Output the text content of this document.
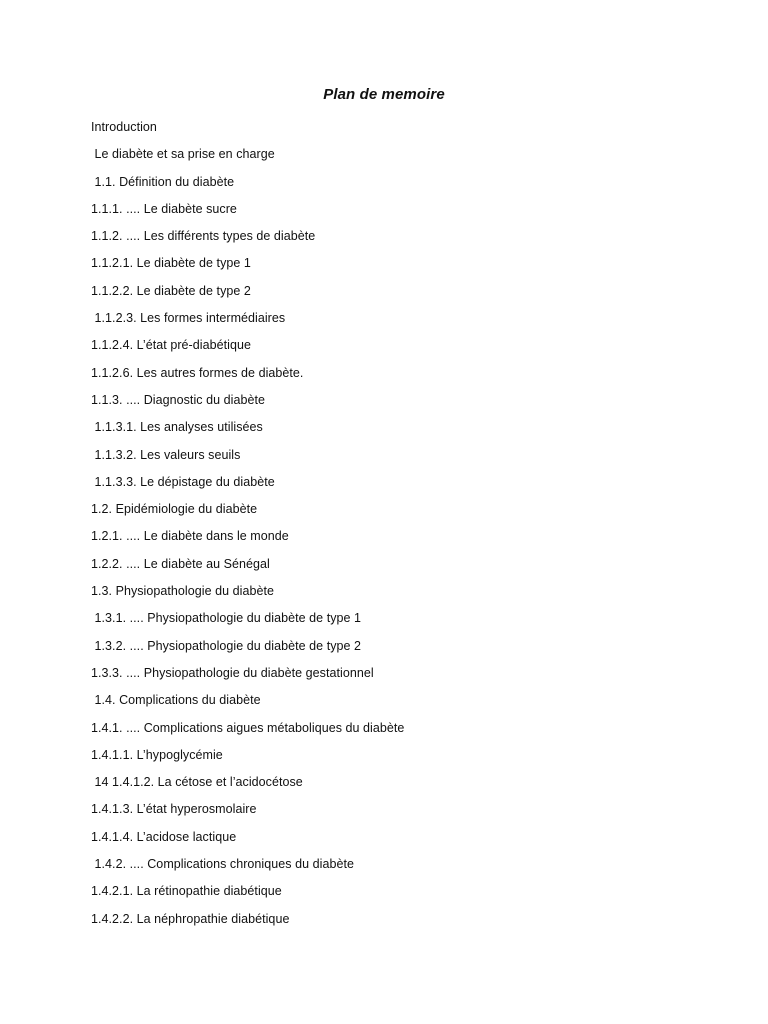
Plan de memoire
Introduction
Le diabète et sa prise en charge
1.1. Définition du diabète
1.1.1. .... Le diabète sucre
1.1.2. .... Les différents types de diabète
1.1.2.1. Le diabète de type 1
1.1.2.2. Le diabète de type 2
1.1.2.3. Les formes intermédiaires
1.1.2.4. L’état pré-diabétique
1.1.2.6. Les autres formes de diabète.
1.1.3. .... Diagnostic du diabète
1.1.3.1. Les analyses utilisées
1.1.3.2. Les valeurs seuils
1.1.3.3. Le dépistage du diabète
1.2. Epidémiologie du diabète
1.2.1. .... Le diabète dans le monde
1.2.2. .... Le diabète au Sénégal
1.3. Physiopathologie du diabète
1.3.1. .... Physiopathologie du diabète de type 1
1.3.2. .... Physiopathologie du diabète de type 2
1.3.3. .... Physiopathologie du diabète gestationnel
1.4. Complications du diabète
1.4.1. .... Complications aigues métaboliques du diabète
1.4.1.1. L’hypoglycémie
14 1.4.1.2. La cétose et l’acidocétose
1.4.1.3. L’état hyperosmolaire
1.4.1.4. L’acidose lactique
1.4.2. .... Complications chroniques du diabète
1.4.2.1. La rétinopathie diabétique
1.4.2.2. La néphropathie diabétique
